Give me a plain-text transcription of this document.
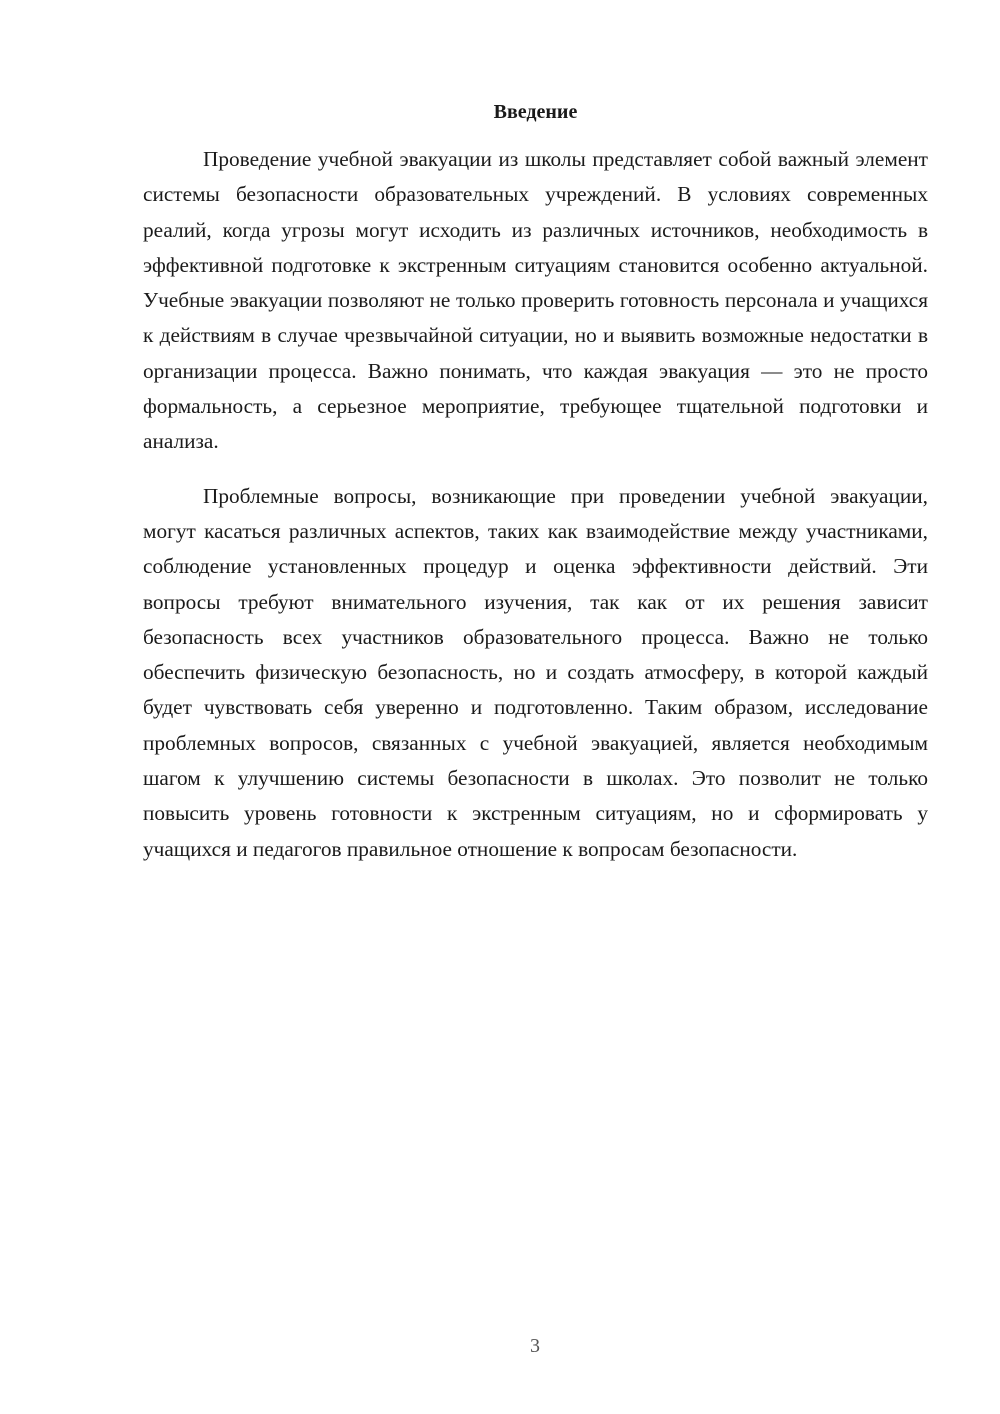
Введение

Проведение учебной эвакуации из школы представляет собой важный элемент системы безопасности образовательных учреждений. В условиях современных реалий, когда угрозы могут исходить из различных источников, необходимость в эффективной подготовке к экстренным ситуациям становится особенно актуальной. Учебные эвакуации позволяют не только проверить готовность персонала и учащихся к действиям в случае чрезвычайной ситуации, но и выявить возможные недостатки в организации процесса. Важно понимать, что каждая эвакуация — это не просто формальность, а серьезное мероприятие, требующее тщательной подготовки и анализа.

Проблемные вопросы, возникающие при проведении учебной эвакуации, могут касаться различных аспектов, таких как взаимодействие между участниками, соблюдение установленных процедур и оценка эффективности действий. Эти вопросы требуют внимательного изучения, так как от их решения зависит безопасность всех участников образовательного процесса. Важно не только обеспечить физическую безопасность, но и создать атмосферу, в которой каждый будет чувствовать себя уверенно и подготовленно. Таким образом, исследование проблемных вопросов, связанных с учебной эвакуацией, является необходимым шагом к улучшению системы безопасности в школах. Это позволит не только повысить уровень готовности к экстренным ситуациям, но и сформировать у учащихся и педагогов правильное отношение к вопросам безопасности.

3
